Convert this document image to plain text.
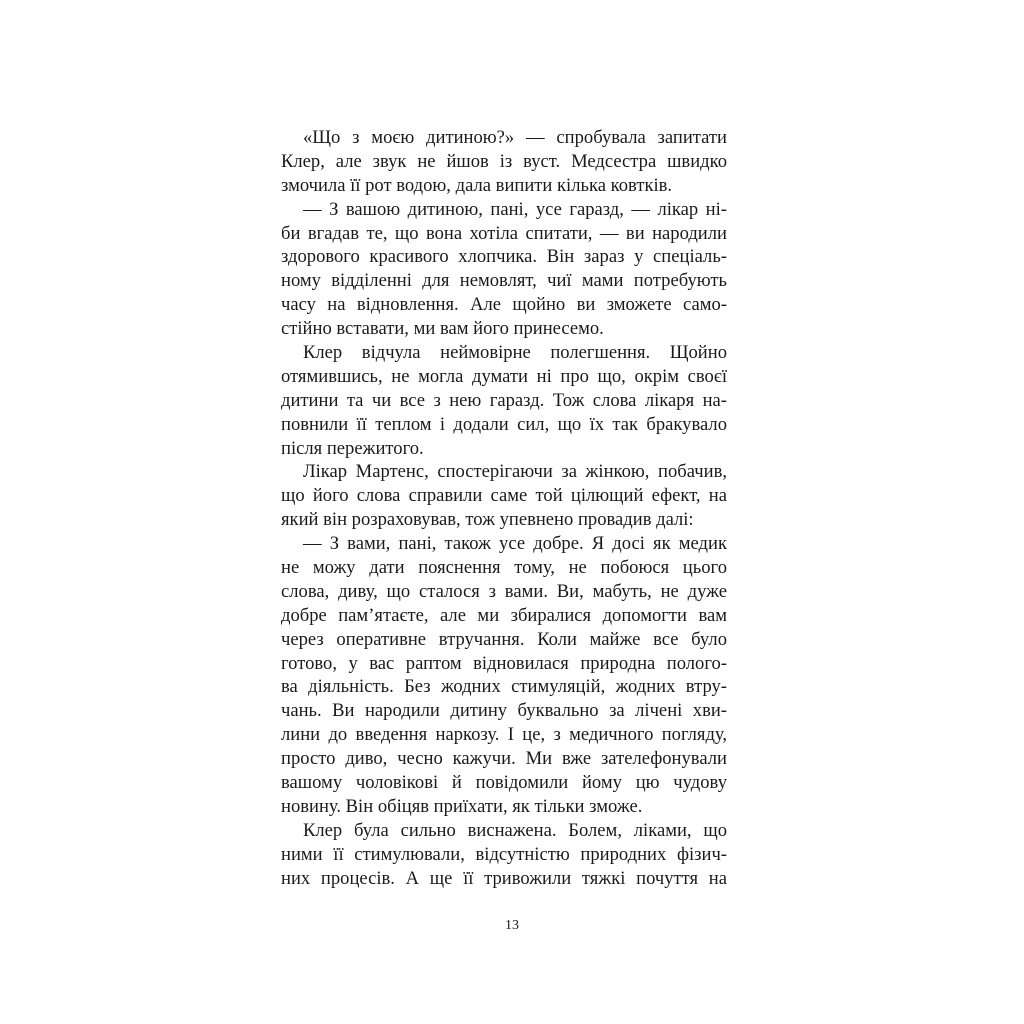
«Що з моєю дитиною?» — спробувала запитати
Клер, але звук не йшов із вуст. Медсестра швидко
змочила її рот водою, дала випити кілька ковтків.
— З вашою дитиною, пані, усе гаразд, — лікар ні-
би вгадав те, що вона хотіла спитати, — ви народили
здорового красивого хлопчика. Він зараз у спеціаль-
ному відділенні для немовлят, чиї мами потребують
часу на відновлення. Але щойно ви зможете само-
стійно вставати, ми вам його принесемо.
Клер відчула неймовірне полегшення. Щойно
отямившись, не могла думати ні про що, окрім своєї
дитини та чи все з нею гаразд. Тож слова лікаря на-
повнили її теплом і додали сил, що їх так бракувало
після пережитого.
Лікар Мартенс, спостерігаючи за жінкою, побачив,
що його слова справили саме той цілющий ефект, на
який він розраховував, тож упевнено провадив далі:
— З вами, пані, також усе добре. Я досі як медик
не можу дати пояснення тому, не побоюся цього
слова, диву, що сталося з вами. Ви, мабуть, не дуже
добре пам’ятаєте, але ми збиралися допомогти вам
через оперативне втручання. Коли майже все було
готово, у вас раптом відновилася природна полого-
ва діяльність. Без жодних стимуляцій, жодних втру-
чань. Ви народили дитину буквально за лічені хви-
лини до введення наркозу. І це, з медичного погляду,
просто диво, чесно кажучи. Ми вже зателефонували
вашому чоловікові й повідомили йому цю чудову
новину. Він обіцяв приїхати, як тільки зможе.
Клер була сильно виснажена. Болем, ліками, що
ними її стимулювали, відсутністю природних фізич-
них процесів. А ще її тривожили тяжкі почуття на
13
